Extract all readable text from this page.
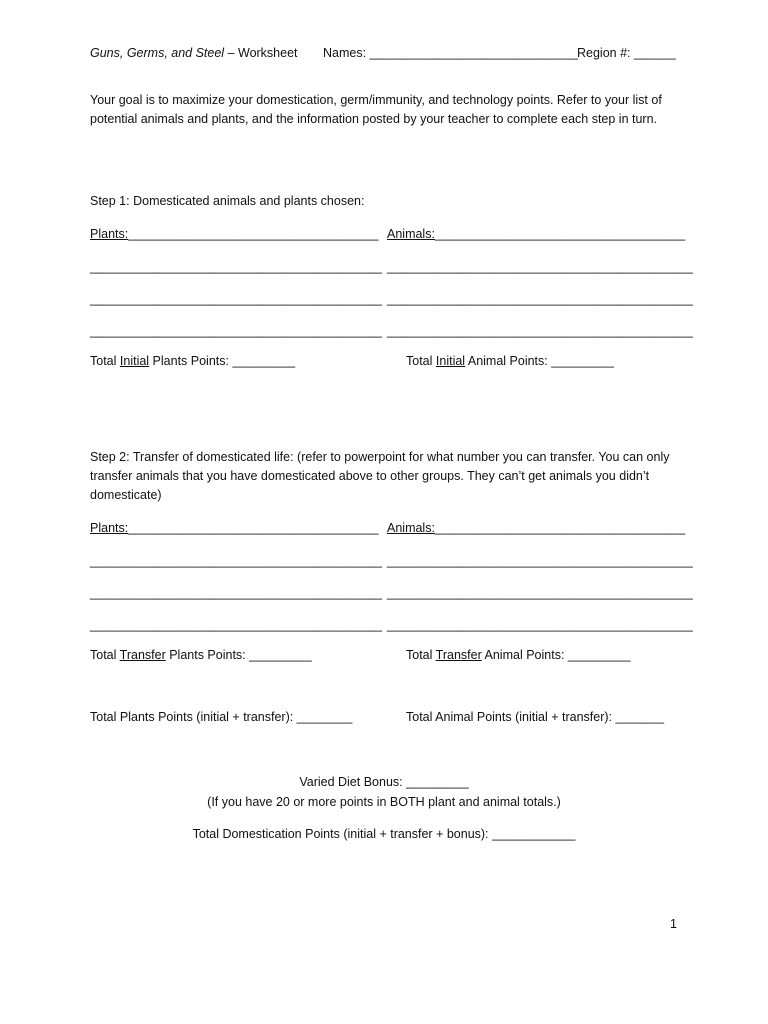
Guns, Germs, and Steel – Worksheet Names: ______________________________
Region #: ______
Your goal is to maximize your domestication, germ/immunity, and technology points. Refer to your list of potential animals and plants, and the information posted by your teacher to complete each step in turn.
Step 1: Domesticated animals and plants chosen:
Plants:____________________________________ Animals:____________________________________
__________________________________________ ____________________________________________
__________________________________________ ____________________________________________
__________________________________________ ____________________________________________
Total Initial Plants Points: _________	Total Initial Animal Points: _________
Step 2: Transfer of domesticated life: (refer to powerpoint for what number you can transfer. You can only transfer animals that you have domesticated above to other groups. They can’t get animals you didn’t domesticate)
Plants:____________________________________ Animals:____________________________________
__________________________________________ ____________________________________________
__________________________________________ ____________________________________________
__________________________________________ ____________________________________________
Total Transfer Plants Points: _________	Total Transfer Animal Points: _________
Total Plants Points (initial + transfer): ________	Total Animal Points (initial + transfer): _______
Varied Diet Bonus: _________
(If you have 20 or more points in BOTH plant and animal totals.)
Total Domestication Points (initial + transfer + bonus): ____________
1
